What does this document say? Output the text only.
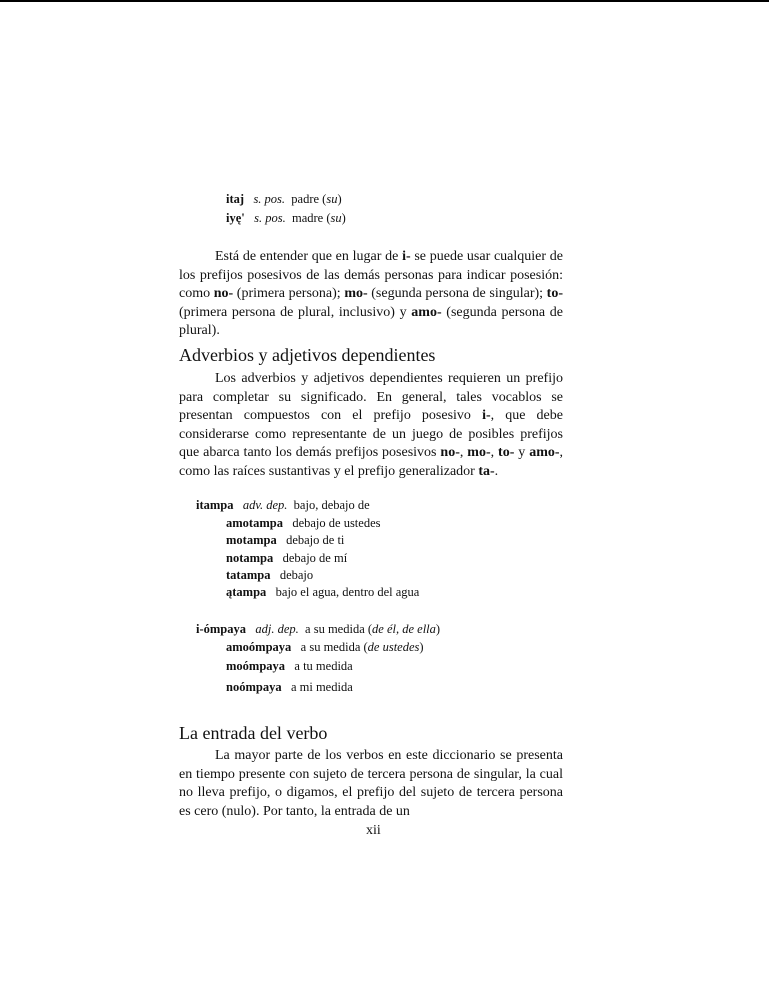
itaj s. pos. padre (su)
iyę' s. pos. madre (su)

Está de entender que en lugar de i- se puede usar cualquier de los prefijos posesivos de las demás personas para indicar posesión: como no- (primera persona); mo- (segunda persona de singular); to- (primera persona de plural, inclusivo) y amo- (segunda persona de plural).

Adverbios y adjetivos dependientes

Los adverbios y adjetivos dependientes requieren un prefijo para completar su significado. En general, tales vocablos se presentan compuestos con el prefijo posesivo i-, que debe considerarse como representante de un juego de posibles prefijos que abarca tanto los demás prefijos posesivos no-, mo-, to- y amo-, como las raíces sustantivas y el prefijo generalizador ta-.

itampa adv. dep. bajo, debajo de
amotampa debajo de ustedes
motampa debajo de ti
notampa debajo de mí
tatampa debajo
ątampa bajo el agua, dentro del agua
i-ómpaya adj. dep. a su medida (de él, de ella)
amoómpaya a su medida (de ustedes)
moómpaya a tu medida
noómpaya a mi medida
La entrada del verbo

La mayor parte de los verbos en este diccionario se presenta en tiempo presente con sujeto de tercera persona de singular, la cual no lleva prefijo, o digamos, el prefijo del sujeto de tercera persona es cero (nulo). Por tanto, la entrada de un

xii
